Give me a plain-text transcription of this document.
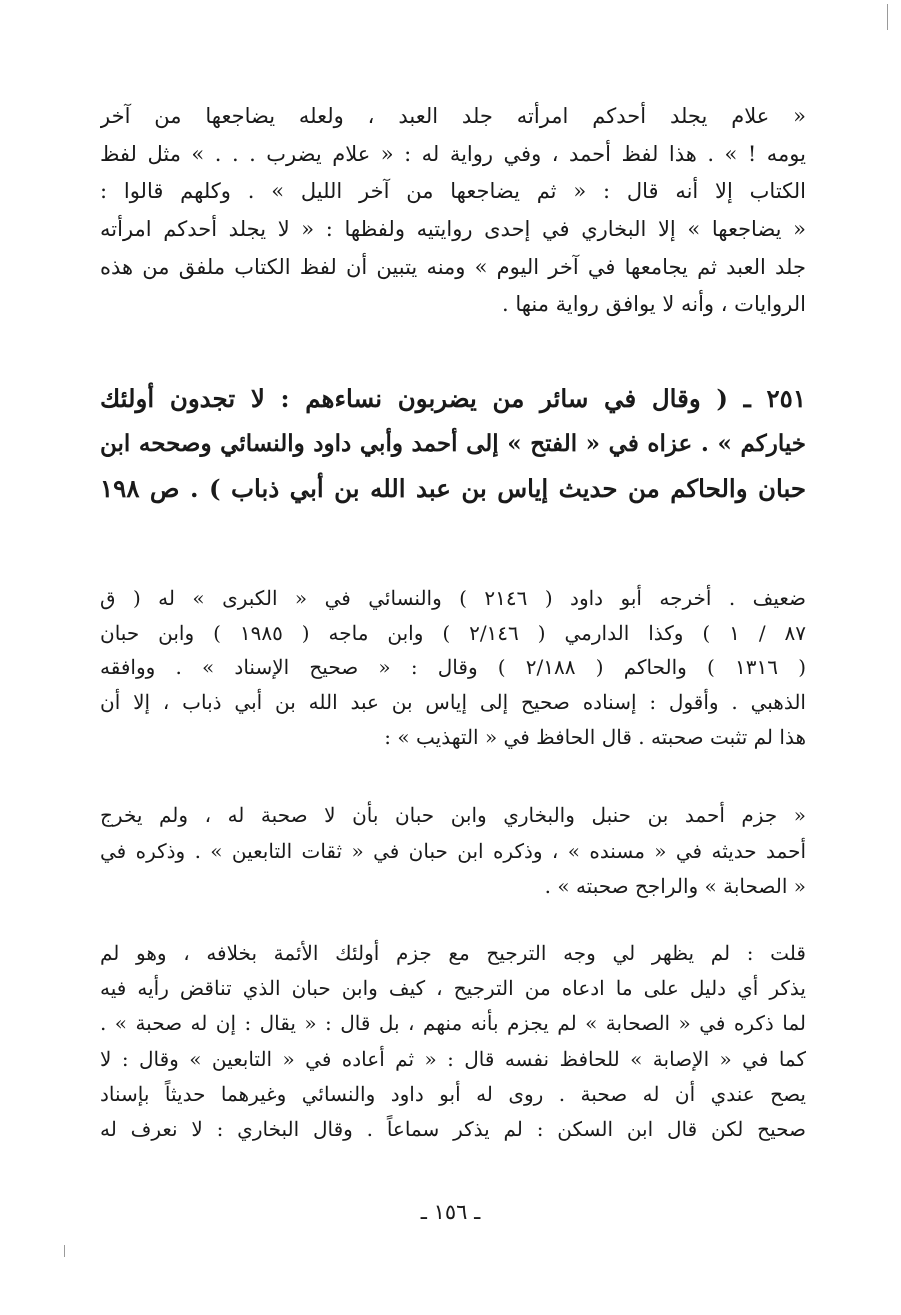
« علام يجلد أحدكم امرأته جلد العبد ، ولعله يضاجعها من آخر
يومه ! » . هذا لفظ أحمد ، وفي رواية له : « علام يضرب . . . » مثل لفظ
الكتاب إلا أنه قال : « ثم يضاجعها من آخر الليل » . وكلهم قالوا :
« يضاجعها » إلا البخاري في إحدى روايتيه ولفظها : « لا يجلد أحدكم امرأته
جلد العبد ثم يجامعها في آخر اليوم » ومنه يتبين أن لفظ الكتاب ملفق من هذه
الروايات ، وأنه لا يوافق رواية منها .
٢٥١ ـ ( وقال في سائر من يضربون نساءهم : لا تجدون أولئك
خياركم » . عزاه في « الفتح » إلى أحمد وأبي داود والنسائي وصححه ابن
حبان والحاكم من حديث إياس بن عبد الله بن أبي ذباب ) . ص ١٩٨
ضعيف . أخرجه أبو داود ( ٢١٤٦ ) والنسائي في « الكبرى » له ( ق
٨٧ / ١ ) وكذا الدارمي ( ٢/١٤٦ ) وابن ماجه ( ١٩٨٥ ) وابن حبان
( ١٣١٦ ) والحاكم ( ٢/١٨٨ ) وقال : « صحيح الإسناد » . ووافقه
الذهبي . وأقول : إسناده صحيح إلى إياس بن عبد الله بن أبي ذباب ، إلا أن
هذا لم تثبت صحبته . قال الحافظ في « التهذيب » :
« جزم أحمد بن حنبل والبخاري وابن حبان بأن لا صحبة له ، ولم يخرج
أحمد حديثه في « مسنده » ، وذكره ابن حبان في « ثقات التابعين » . وذكره في
« الصحابة » والراجح صحبته » .
قلت : لم يظهر لي وجه الترجيح مع جزم أولئك الأئمة بخلافه ، وهو لم
يذكر أي دليل على ما ادعاه من الترجيح ، كيف وابن حبان الذي تناقض رأيه فيه
لما ذكره في « الصحابة » لم يجزم بأنه منهم ، بل قال : « يقال : إن له صحبة » .
كما في « الإصابة » للحافظ نفسه قال : « ثم أعاده في « التابعين » وقال : لا
يصح عندي أن له صحبة . روى له أبو داود والنسائي وغيرهما حديثاً بإسناد
صحيح لكن قال ابن السكن : لم يذكر سماعاً . وقال البخاري : لا نعرف له
ـ ١٥٦ ـ
